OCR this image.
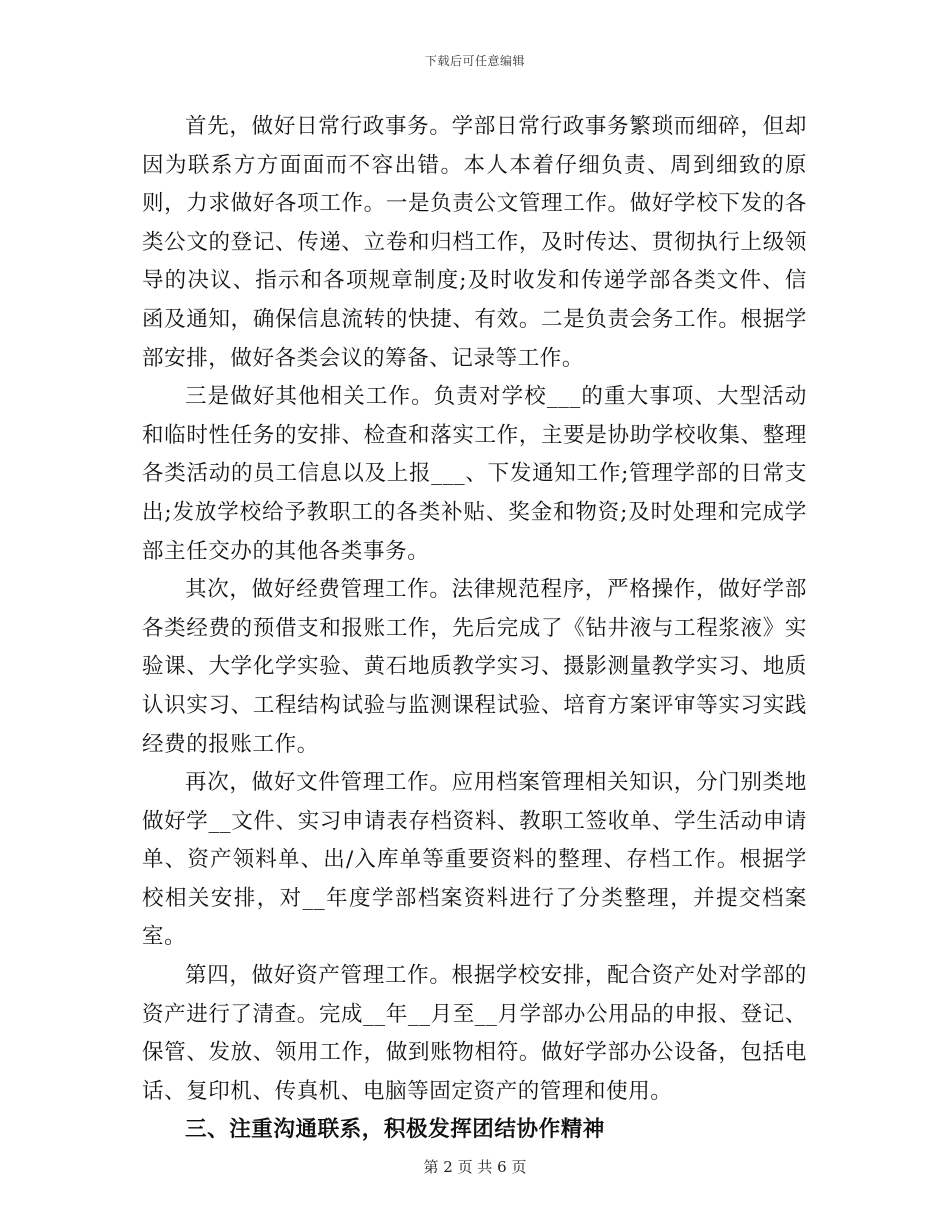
下载后可任意编辑

首先，做好日常行政事务。学部日常行政事务繁琐而细碎，但却因为联系方方面面而不容出错。本人本着仔细负责、周到细致的原则，力求做好各项工作。一是负责公文管理工作。做好学校下发的各类公文的登记、传递、立卷和归档工作，及时传达、贯彻执行上级领导的决议、指示和各项规章制度;及时收发和传递学部各类文件、信函及通知，确保信息流转的快捷、有效。二是负责会务工作。根据学部安排，做好各类会议的筹备、记录等工作。

三是做好其他相关工作。负责对学校___的重大事项、大型活动和临时性任务的安排、检查和落实工作，主要是协助学校收集、整理各类活动的员工信息以及上报___、下发通知工作;管理学部的日常支出;发放学校给予教职工的各类补贴、奖金和物资;及时处理和完成学部主任交办的其他各类事务。

其次，做好经费管理工作。法律规范程序，严格操作，做好学部各类经费的预借支和报账工作，先后完成了《钻井液与工程浆液》实验课、大学化学实验、黄石地质教学实习、摄影测量教学实习、地质认识实习、工程结构试验与监测课程试验、培育方案评审等实习实践经费的报账工作。

再次，做好文件管理工作。应用档案管理相关知识，分门别类地做好学__文件、实习申请表存档资料、教职工签收单、学生活动申请单、资产领料单、出/入库单等重要资料的整理、存档工作。根据学校相关安排，对__年度学部档案资料进行了分类整理，并提交档案室。

第四，做好资产管理工作。根据学校安排，配合资产处对学部的资产进行了清查。完成__年__月至__月学部办公用品的申报、登记、保管、发放、领用工作，做到账物相符。做好学部办公设备，包括电话、复印机、传真机、电脑等固定资产的管理和使用。

三、注重沟通联系，积极发挥团结协作精神

第 2 页 共 6 页
